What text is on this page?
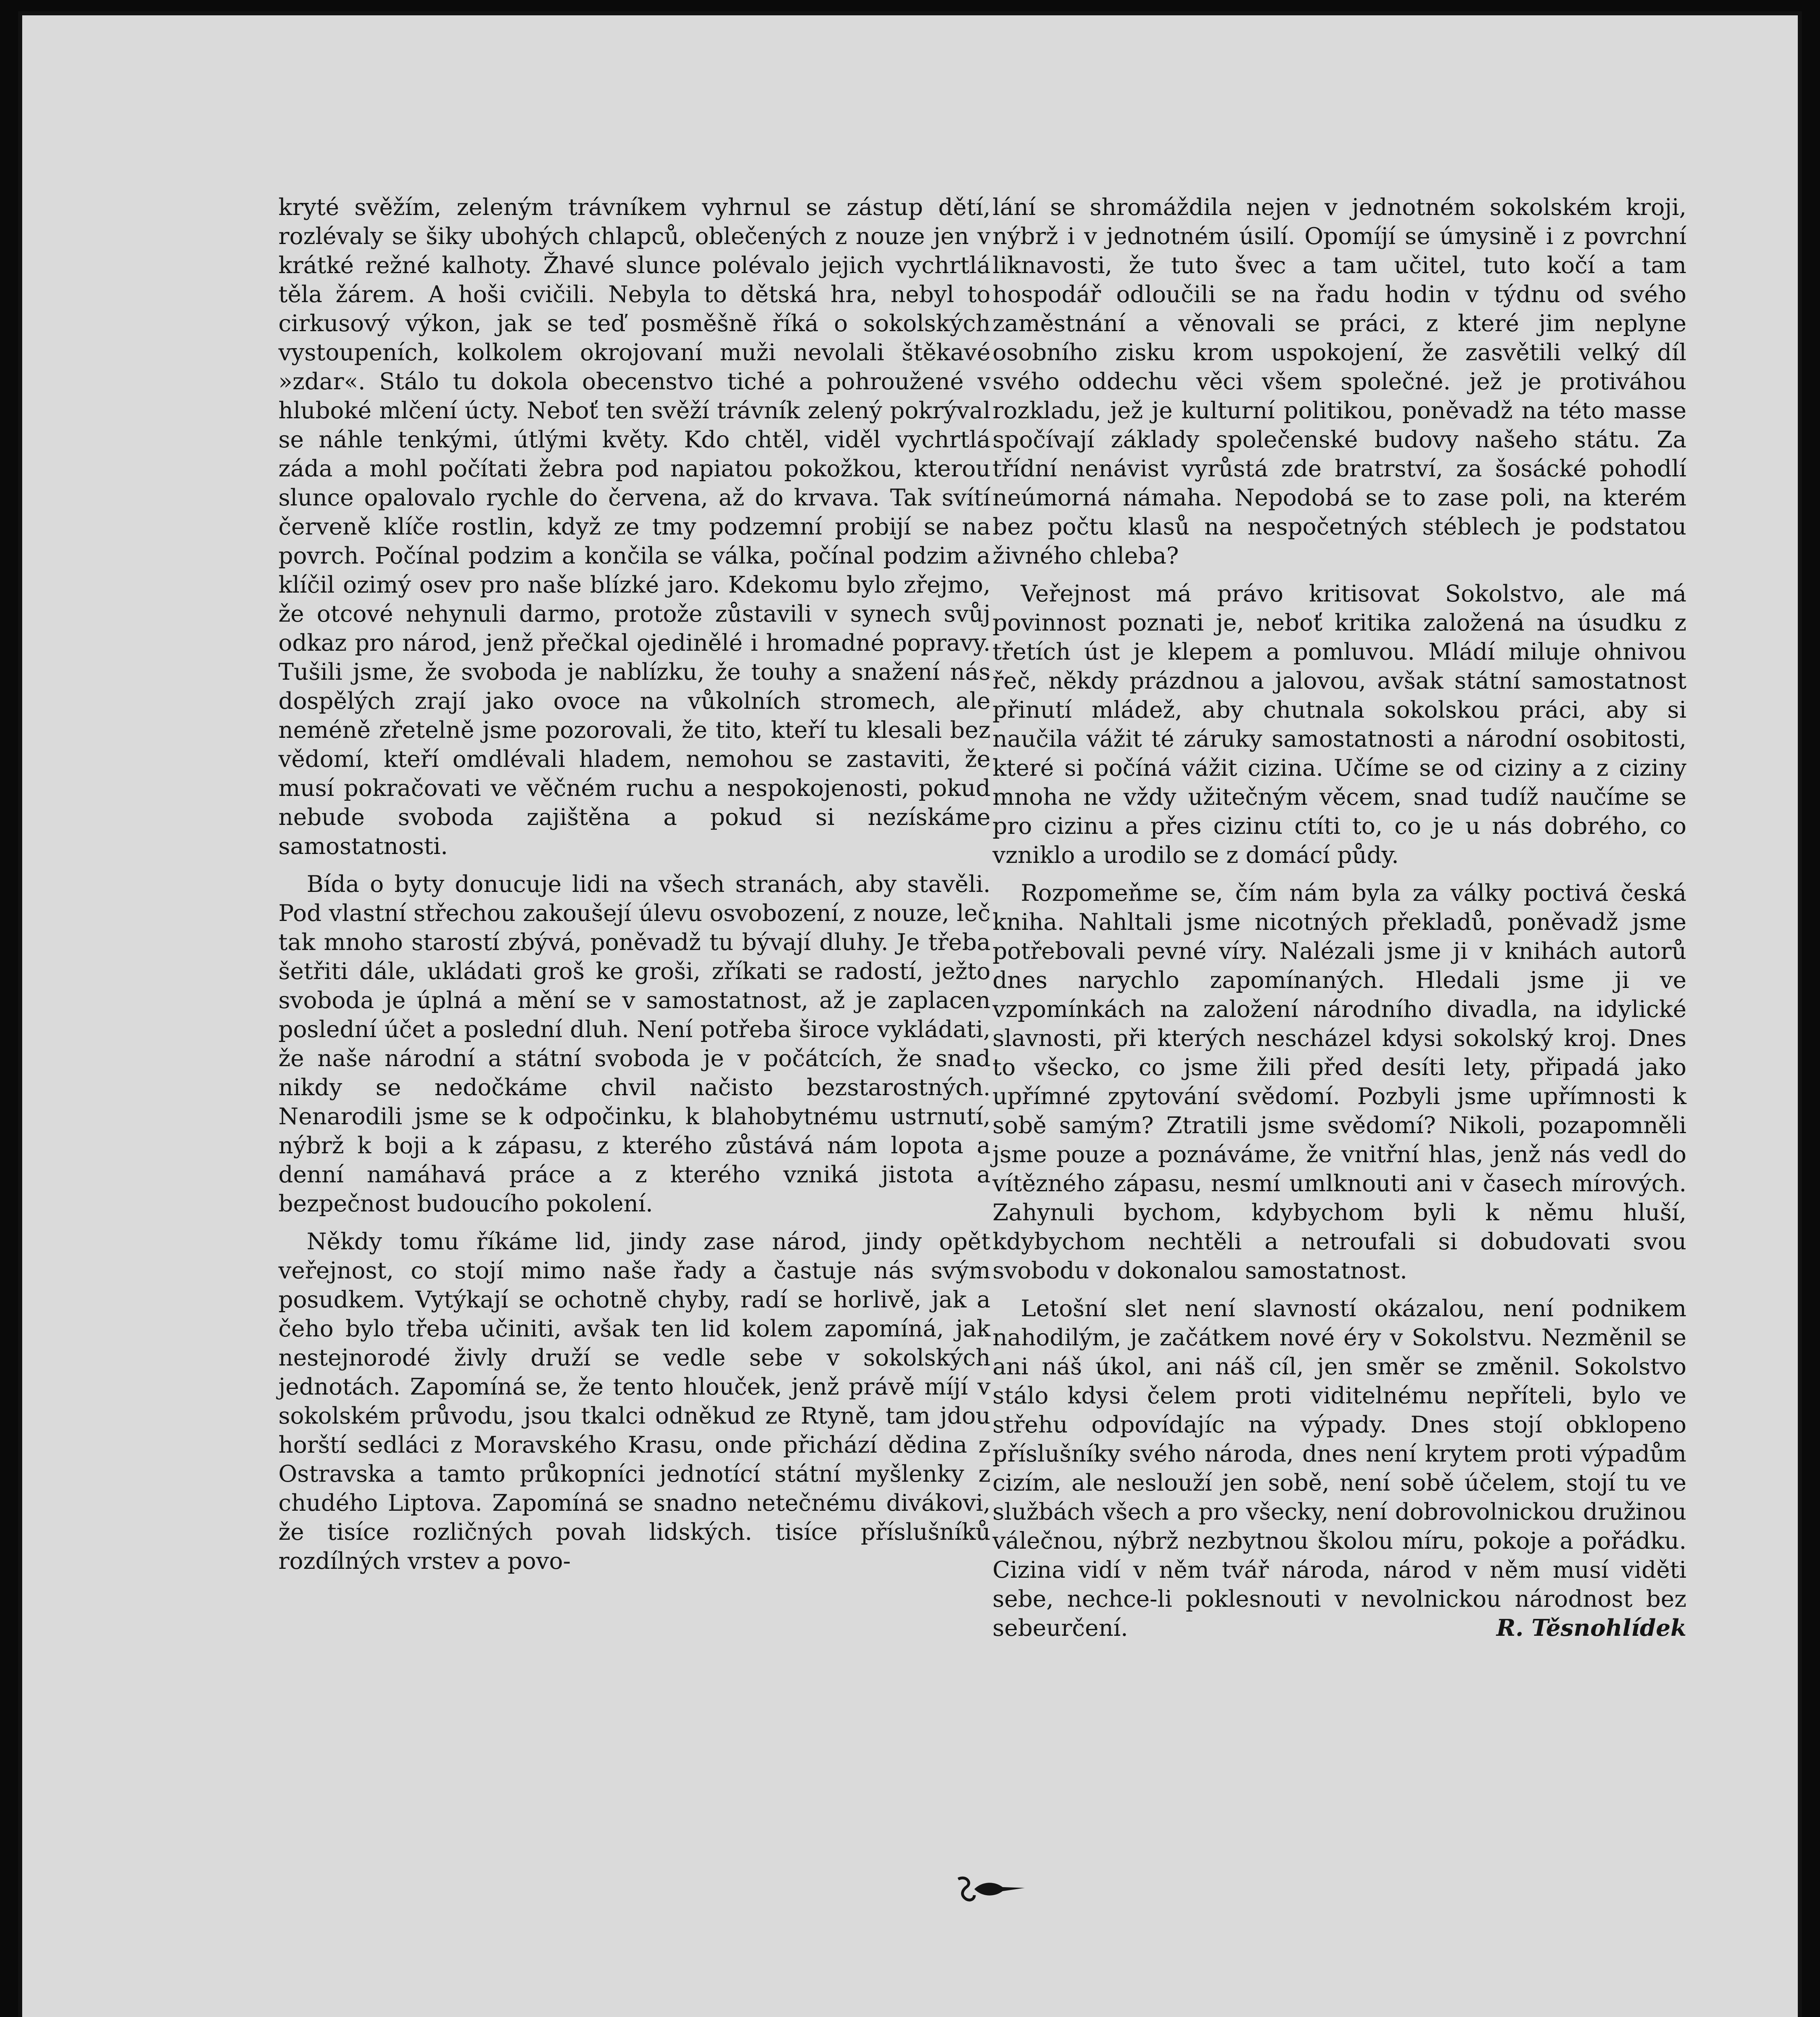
kryté svěžím, zeleným trávníkem vyhrnul se zástup dětí, rozlévaly se šiky ubohých chlapců, oblečených z nouze jen v krátké režné kalhoty. Žhavé slunce polévalo jejich vychrtlá těla žárem. A hoši cvičili. Nebyla to dětská hra, nebyl to cirkusový výkon, jak se teď posměšně říká o sokolských vystoupeních, kolkolem okrojovaní muži nevolali štěkavé »zdar«. Stálo tu dokola obecenstvo tiché a pohroužené v hluboké mlčení úcty. Neboť ten svěží trávník zelený pokrýval se náhle tenkými, útlými květy. Kdo chtěl, viděl vychrtlá záda a mohl počítati žebra pod napiatou pokožkou, kterou slunce opalovalo rychle do červena, až do krvava. Tak svítí červeně klíče rostlin, když ze tmy podzemní probijí se na povrch. Počínal podzim a končila se válka, počínal podzim a klíčil ozimý osev pro naše blízké jaro. Kdekomu bylo zřejmo, že otcové nehynuli darmo, protože zůstavili v synech svůj odkaz pro národ, jenž přečkal ojedinělé i hromadné popravy. Tušili jsme, že svoboda je nablízku, že touhy a snažení nás dospělých zrají jako ovoce na vůkolních stromech, ale neméně zřetelně jsme pozorovali, že tito, kteří tu klesali bez vědomí, kteří omdlévali hladem, nemohou se zastaviti, že musí pokračovati ve věčném ruchu a nespokojenosti, pokud nebude svoboda zajištěna a pokud si nezískáme samostatnosti.

Bída o byty donucuje lidi na všech stranách, aby stavěli. Pod vlastní střechou zakoušejí úlevu osvobození, z nouze, leč tak mnoho starostí zbývá, poněvadž tu bývají dluhy. Je třeba šetřiti dále, ukládati groš ke groši, zříkati se radostí, ježto svoboda je úplná a mění se v samostatnost, až je zaplacen poslední účet a poslední dluh. Není potřeba široce vykládati, že naše národní a státní svoboda je v počátcích, že snad nikdy se nedočkáme chvil načisto bezstarostných. Nenarodili jsme se k odpočinku, k blahobytnému ustrnutí, nýbrž k boji a k zápasu, z kterého zůstává nám lopota a denní namáhavá práce a z kterého vzniká jistota a bezpečnost budoucího pokolení.

Někdy tomu říkáme lid, jindy zase národ, jindy opět veřejnost, co stojí mimo naše řady a častuje nás svým posudkem. Vytýkají se ochotně chyby, radí se horlivě, jak a čeho bylo třeba učiniti, avšak ten lid kolem zapomíná, jak nestejnorodé živly druží se vedle sebe v sokolských jednotách. Zapomíná se, že tento hlouček, jenž právě míjí v sokolském průvodu, jsou tkalci odněkud ze Rtyně, tam jdou horští sedláci z Moravského Krasu, onde přichází dědina z Ostravska a tamto průkopníci jednotící státní myšlenky z chudého Liptova. Zapomíná se snadno netečnému divákovi, že tisíce rozličných povah lidských. tisíce příslušníků rozdílných vrstev a povo-

lání se shromáždila nejen v jednotném sokolském kroji, nýbrž i v jednotném úsilí. Opomíjí se úmysině i z povrchní liknavosti, že tuto švec a tam učitel, tuto kočí a tam hospodář odloučili se na řadu hodin v týdnu od svého zaměstnání a věnovali se práci, z které jim neplyne osobního zisku krom uspokojení, že zasvětili velký díl svého oddechu věci všem společné. jež je protiváhou rozkladu, jež je kulturní politikou, poněvadž na této masse spočívají základy společenské budovy našeho státu. Za třídní nenávist vyrůstá zde bratrství, za šosácké pohodlí neúmorná námaha. Nepodobá se to zase poli, na kterém bez počtu klasů na nespočetných stéblech je podstatou živného chleba?

Veřejnost má právo kritisovat Sokolstvo, ale má povinnost poznati je, neboť kritika založená na úsudku z třetích úst je klepem a pomluvou. Mládí miluje ohnivou řeč, někdy prázdnou a jalovou, avšak státní samostatnost přinutí mládež, aby chutnala sokolskou práci, aby si naučila vážit té záruky samostatnosti a národní osobitosti, které si počíná vážit cizina. Učíme se od ciziny a z ciziny mnoha ne vždy užitečným věcem, snad tudíž naučíme se pro cizinu a přes cizinu ctíti to, co je u nás dobrého, co vzniklo a urodilo se z domácí půdy.

Rozpomeňme se, čím nám byla za války poctivá česká kniha. Nahltali jsme nicotných překladů, poněvadž jsme potřebovali pevné víry. Nalézali jsme ji v knihách autorů dnes narychlo zapomínaných. Hledali jsme ji ve vzpomínkách na založení národního divadla, na idylické slavnosti, při kterých nescházel kdysi sokolský kroj. Dnes to všecko, co jsme žili před desíti lety, připadá jako upřímné zpytování svědomí. Pozbyli jsme upřímnosti k sobě samým? Ztratili jsme svědomí? Nikoli, pozapomněli jsme pouze a poznáváme, že vnitřní hlas, jenž nás vedl do vítězného zápasu, nesmí umlknouti ani v časech mírových. Zahynuli bychom, kdybychom byli k němu hluší, kdybychom nechtěli a netroufali si dobudovati svou svobodu v dokonalou samostatnost.

Letošní slet není slavností okázalou, není podnikem nahodilým, je začátkem nové éry v Sokolstvu. Nezměnil se ani náš úkol, ani náš cíl, jen směr se změnil. Sokolstvo stálo kdysi čelem proti viditelnému nepříteli, bylo ve střehu odpovídajíc na výpady. Dnes stojí obklopeno příslušníky svého národa, dnes není krytem proti výpadům cizím, ale neslouží jen sobě, není sobě účelem, stojí tu ve službách všech a pro všecky, není dobrovolnickou družinou válečnou, nýbrž nezbytnou školou míru, pokoje a pořádku. Cizina vidí v něm tvář národa, národ v něm musí viděti sebe, nechce-li poklesnouti v nevolnickou národnost bez sebeurčení.	R. Těsnohlídek
